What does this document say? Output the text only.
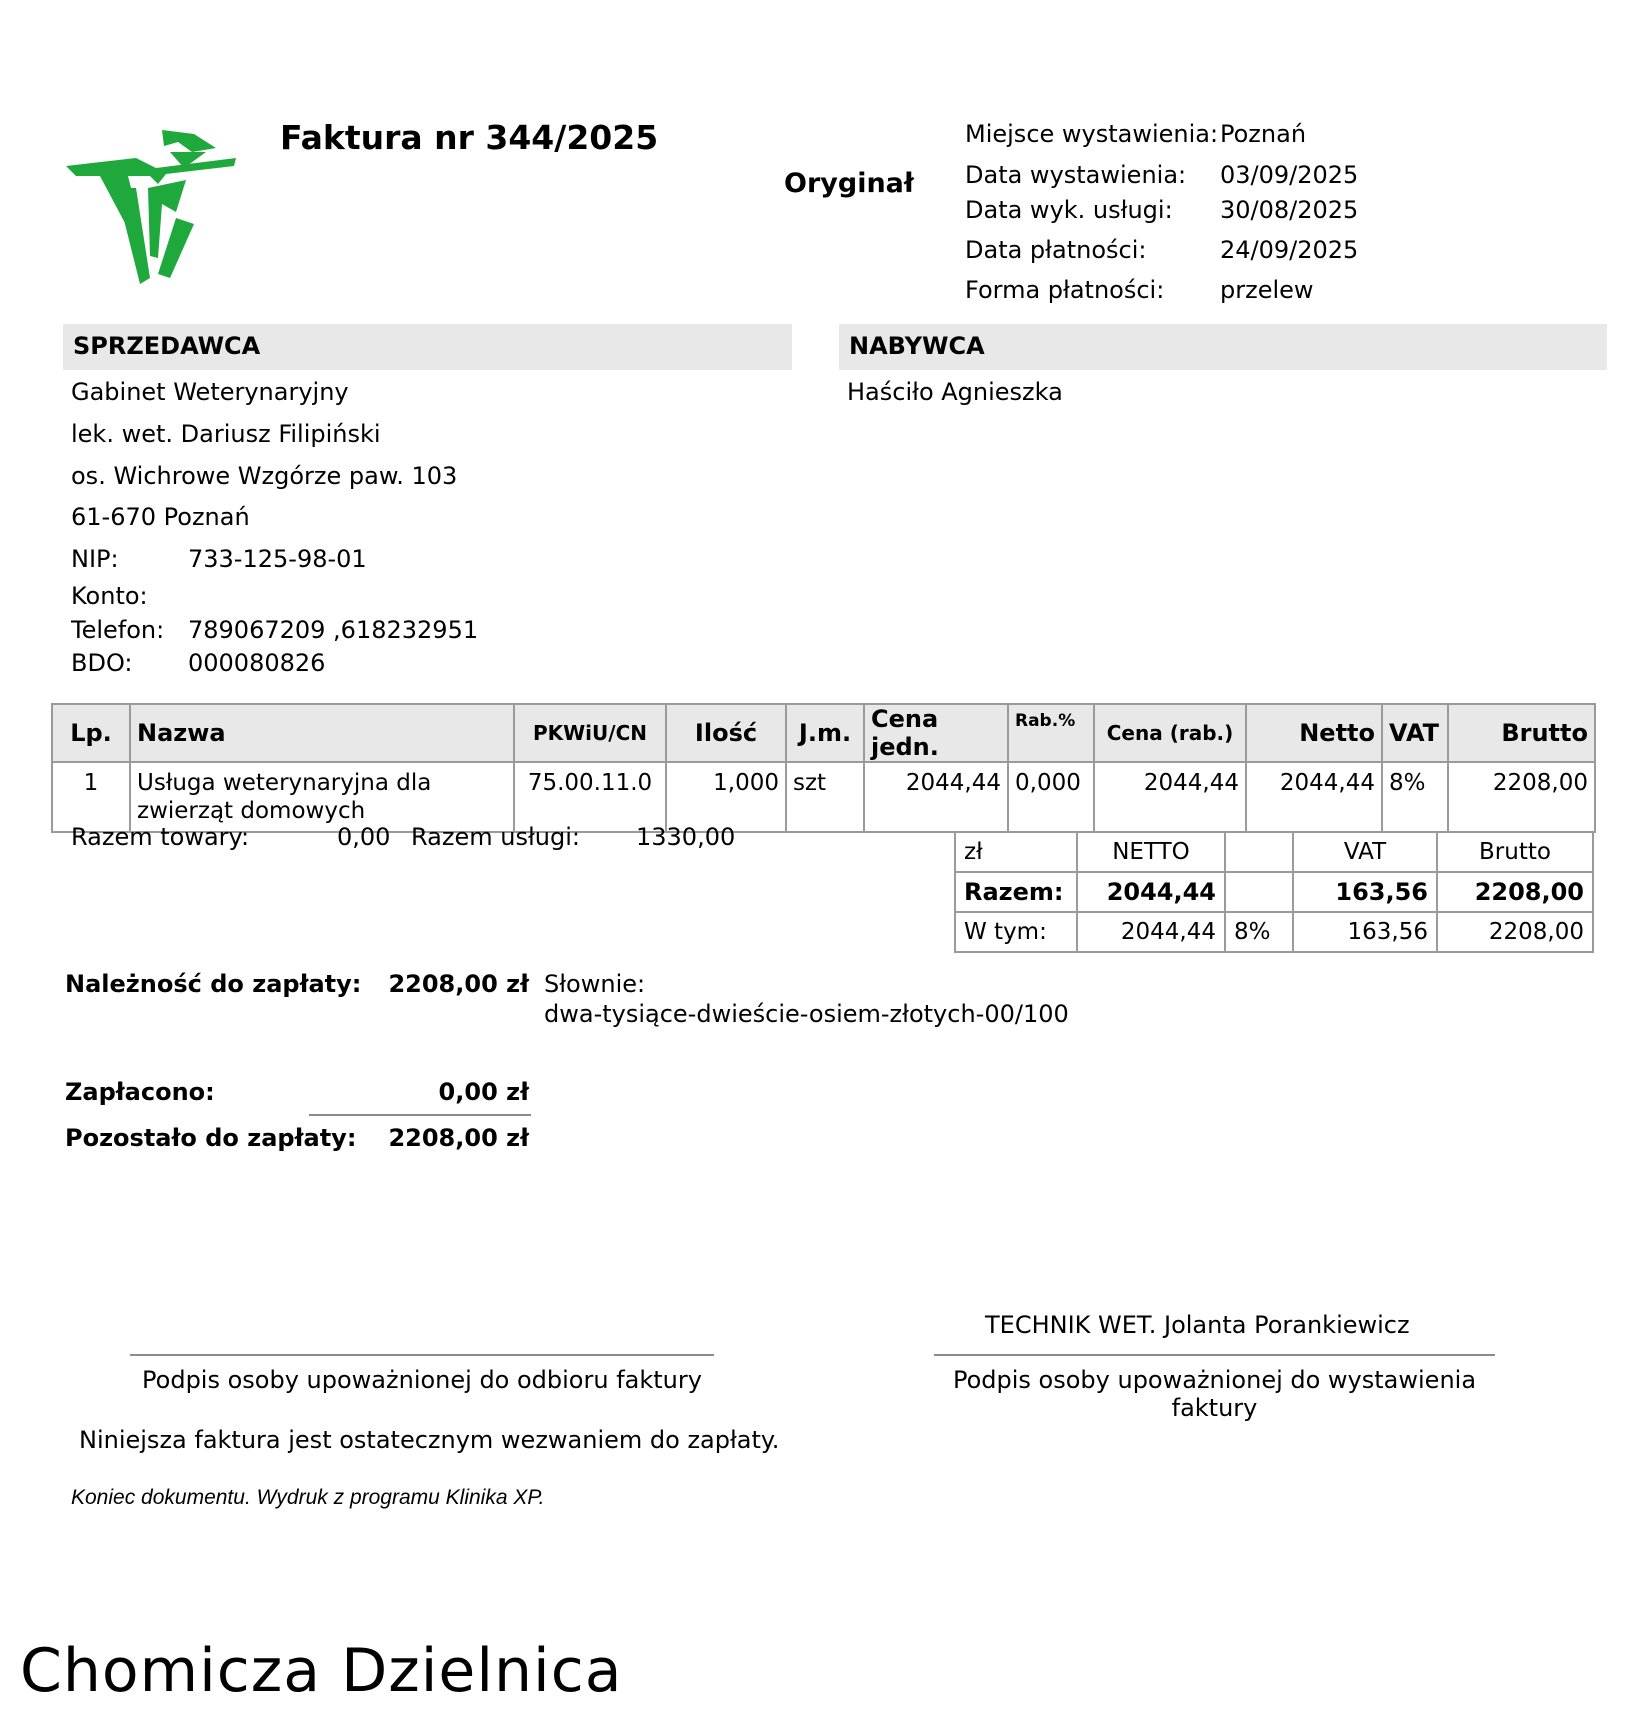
Faktura nr 344/2025
Oryginał
Miejsce wystawienia: Poznań
Data wystawienia: 03/09/2025
Data wyk. usługi: 30/08/2025
Data płatności:	24/09/2025
Forma płatności: przelew
SPRZEDAWCA	NABYWCA
Gabinet Weterynaryjny
lek. wet. Dariusz Filipiński
os. Wichrowe Wzgórze paw. 103
61-670 Poznań
NIP:	733-125-98-01
Konto:
Telefon: 789067209 ,618232951
BDO: 000080826
Haściło Agnieszka
Lp.	Nazwa	PKWiU/CN	Ilość	J.m.	Cena jedn.	Rab.%	Cena (rab.)	Netto	VAT	Brutto
1	Usługa weterynaryjna dla
zwierząt domowych	75.00.11.0	1,000	szt	2044,44	0,000	2044,44	2044,44	8%	2208,00
Razem towary:	0,00 Razem usługi: 1330,00
zł	NETTO		VAT	Brutto
Razem:	2044,44		163,56	2208,00
W tym:	2044,44	8%	163,56	2208,00
Należność do zapłaty: 2208,00 zł Słownie:
dwa-tysiące-dwieście-osiem-złotych-00/100
Zapłacono:	0,00 zł
Pozostało do zapłaty: 2208,00 zł
TECHNIK WET. Jolanta Porankiewicz
Podpis osoby upoważnionej do odbioru faktury	Podpis osoby upoważnionej do wystawienia
faktury
Niniejsza faktura jest ostatecznym wezwaniem do zapłaty.
Koniec dokumentu. Wydruk z programu Klinika XP.
Chomicza Dzielnica
